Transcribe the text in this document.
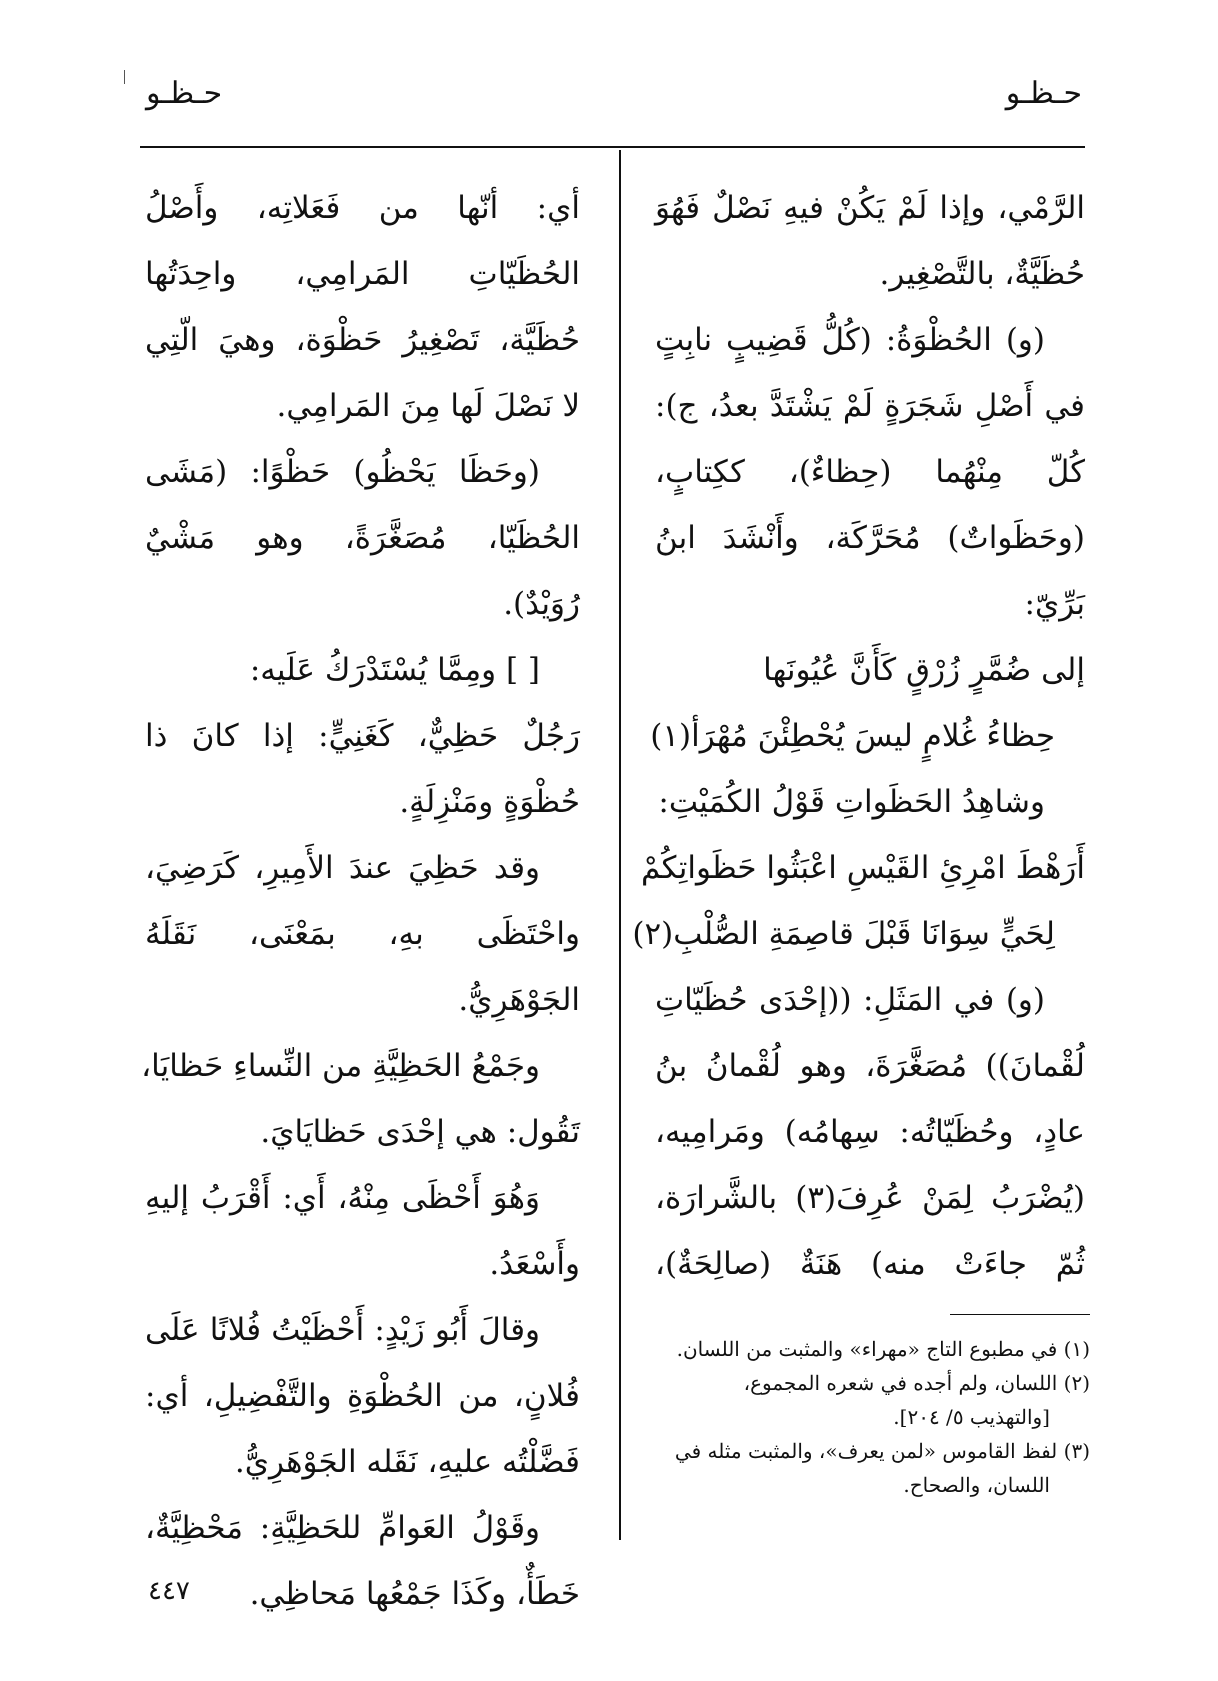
حـظـو
حـظـو
الرَّمْي، وإذا لَمْ يَكُنْ فيهِ نَصْلٌ فَهُوَ
حُظَيَّةٌ، بالتَّصْغِير.
(و) الحُظْوَةُ: (كُلُّ قَضِيبٍ نابِتٍ
في أَصْلِ شَجَرَةٍ لَمْ يَشْتَدَّ بعدُ، ج):
كُلّ مِنْهُما (حِظاءٌ)، ككِتابٍ،
(وحَظَواتٌ) مُحَرَّكَة، وأَنْشَدَ ابنُ
بَرِّيّ:
إلى ضُمَّرٍ زُرْقٍ كَأَنَّ عُيُونَها
حِظاءُ غُلامٍ ليسَ يُحْطِئْنَ مُهْرَأ(١)
وشاهِدُ الحَظَواتِ قَوْلُ الكُمَيْتِ:
أَرَهْطَ امْرِئِ القَيْسِ اعْبَثُوا حَظَواتِكُمْ
لِحَيٍّ سِوَانَا قَبْلَ قاصِمَةِ الصُّلْبِ(٢)
(و) في المَثَلِ: ((إحْدَى حُظَيّاتِ
لُقْمانَ)) مُصَغَّرَةَ، وهو لُقْمانُ بنُ
عادٍ، وحُظَيّاتُه: سِهامُه) ومَرامِيه،
(يُضْرَبُ لِمَنْ عُرِفَ(٣) بالشَّرارَة،
ثُمّ جاءَتْ منه) هَنَةٌ (صالِحَةٌ)،
(١) في مطبوع التاج «مهراء» والمثبت من اللسان.
(٢) اللسان، ولم أجده في شعره المجموع،
[والتهذيب ٥/ ٢٠٤].
(٣) لفظ القاموس «لمن يعرف»، والمثبت مثله في
اللسان، والصحاح.
أي: أنّها من فَعَلاتِه، وأَصْلُ
الحُظَيّاتِ المَرامِي، واحِدَتُها
حُظَيَّة، تَصْغِيرُ حَظْوَة، وهيَ الّتِي
لا نَصْلَ لَها مِنَ المَرامِي.
(وحَظَا يَحْظُو) حَظْوًا: (مَشَى
الحُظَيّا، مُصَغَّرَةً، وهو مَشْيٌ
رُوَيْدٌ).
[ ] ومِمَّا يُسْتَدْرَكُ عَلَيه:
رَجُلٌ حَظِيٌّ، كَغَنِيٍّ: إذا كانَ ذا
حُظْوَةٍ ومَنْزِلَةٍ.
وقد حَظِيَ عندَ الأَمِيرِ، كَرَضِيَ،
واحْتَظَى بهِ، بمَعْنَى، نَقَلَهُ
الجَوْهَرِيُّ.
وجَمْعُ الحَظِيَّةِ من النِّساءِ حَظايَا،
تَقُول: هي إحْدَى حَظايَايَ.
وَهُوَ أَحْظَى مِنْهُ، أَي: أَقْرَبُ إليهِ
وأَسْعَدُ.
وقالَ أَبُو زَيْدٍ: أَحْظَيْتُ فُلانًا عَلَى
فُلانٍ، من الحُظْوَةِ والتَّفْضِيلِ، أي:
فَضَّلْتُه عليهِ، نَقَله الجَوْهَرِيُّ.
وقَوْلُ العَوامِّ للحَظِيَّةِ: مَحْظِيَّةٌ،
خَطَأٌ، وكَذَا جَمْعُها مَحاظِي.
٤٤٧
